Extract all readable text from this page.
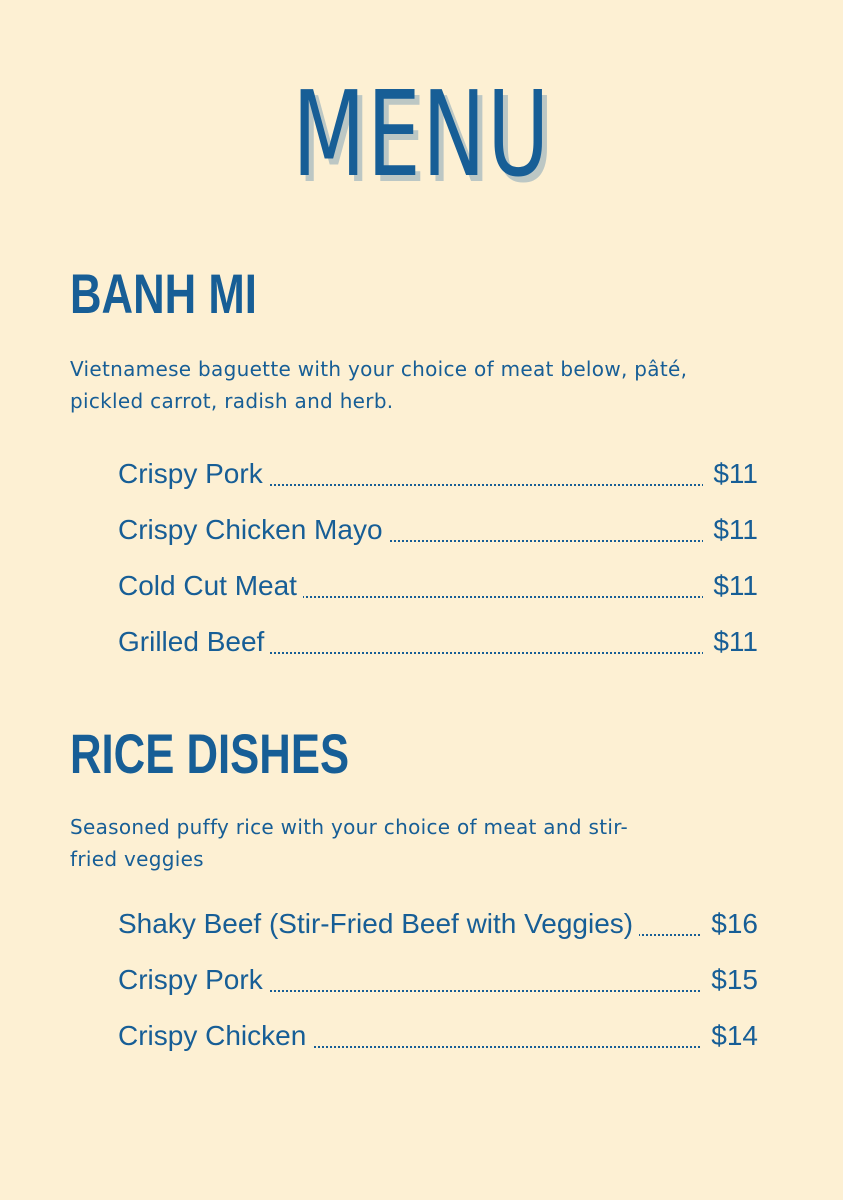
MENU
BANH MI

Vietnamese baguette with your choice of meat below, pâté, pickled carrot, radish and herb.

Crispy Pork	$11
Crispy Chicken Mayo	$11
Cold Cut Meat	$11
Grilled Beef	$11
RICE DISHES

Seasoned puffy rice with your choice of meat and stir- fried veggies

Shaky Beef (Stir-Fried Beef with Veggies)	$16
Crispy Pork	$15
Crispy Chicken	$14
